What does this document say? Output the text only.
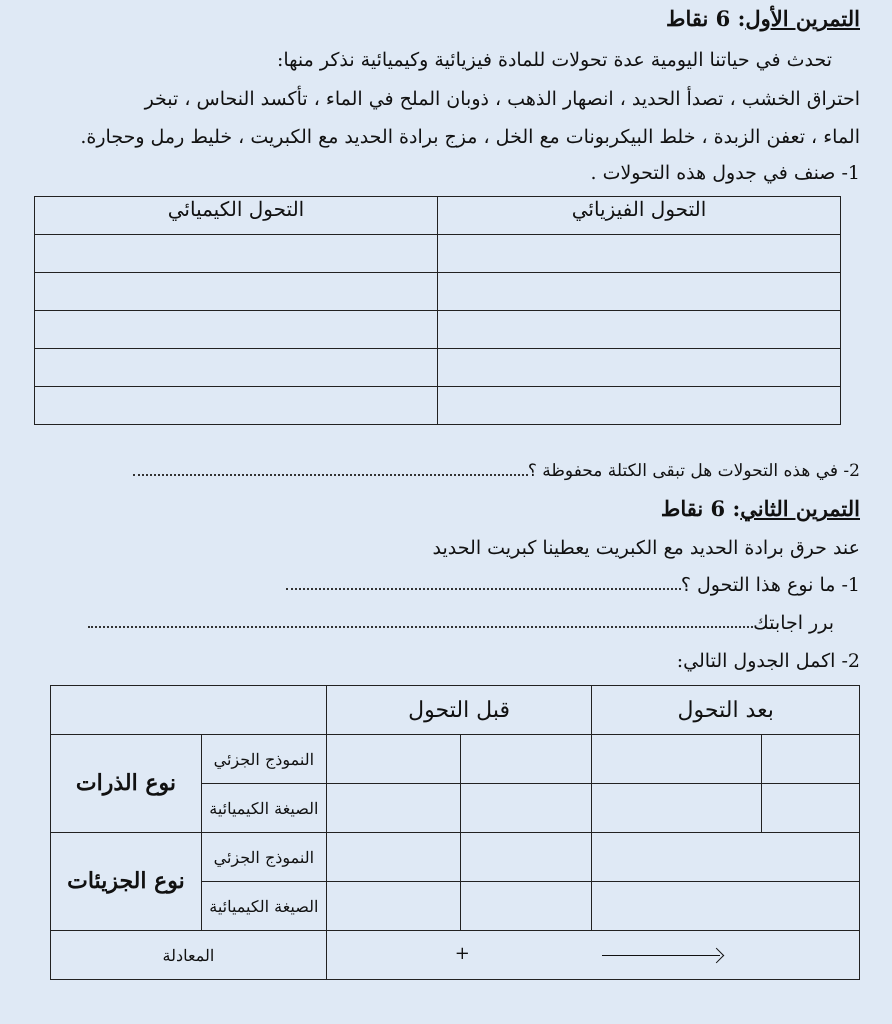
التمرين الأول: 6 نقاط
تحدث في حياتنا اليومية عدة تحولات للمادة فيزيائية وكيميائية نذكر منها:
احتراق الخشب ، تصدأ الحديد ، انصهار الذهب ، ذوبان الملح في الماء ، تأكسد النحاس ، تبخر
الماء ، تعفن الزبدة ، خلط البيكربونات مع الخل ، مزج برادة الحديد مع الكبريت ، خليط رمل وحجارة.
1- صنف في جدول هذه التحولات .
التحول الفيزيائي	التحول الكيميائي

2- في هذه التحولات هل تبقى الكتلة محفوظة ؟
التمرين الثاني: 6 نقاط
عند حرق برادة الحديد مع الكبريت يعطينا كبريت الحديد
1- ما نوع هذا التحول ؟
برر اجابتك
2- اكمل الجدول التالي:
بعد التحول		قبل التحول			
				النموذج الجزئي	نوع الذرات
				الصيغة الكيميائية	
				النموذج الجزئي	نوع الجزيئات
				الصيغة الكيميائية	

+				المعادلة	
